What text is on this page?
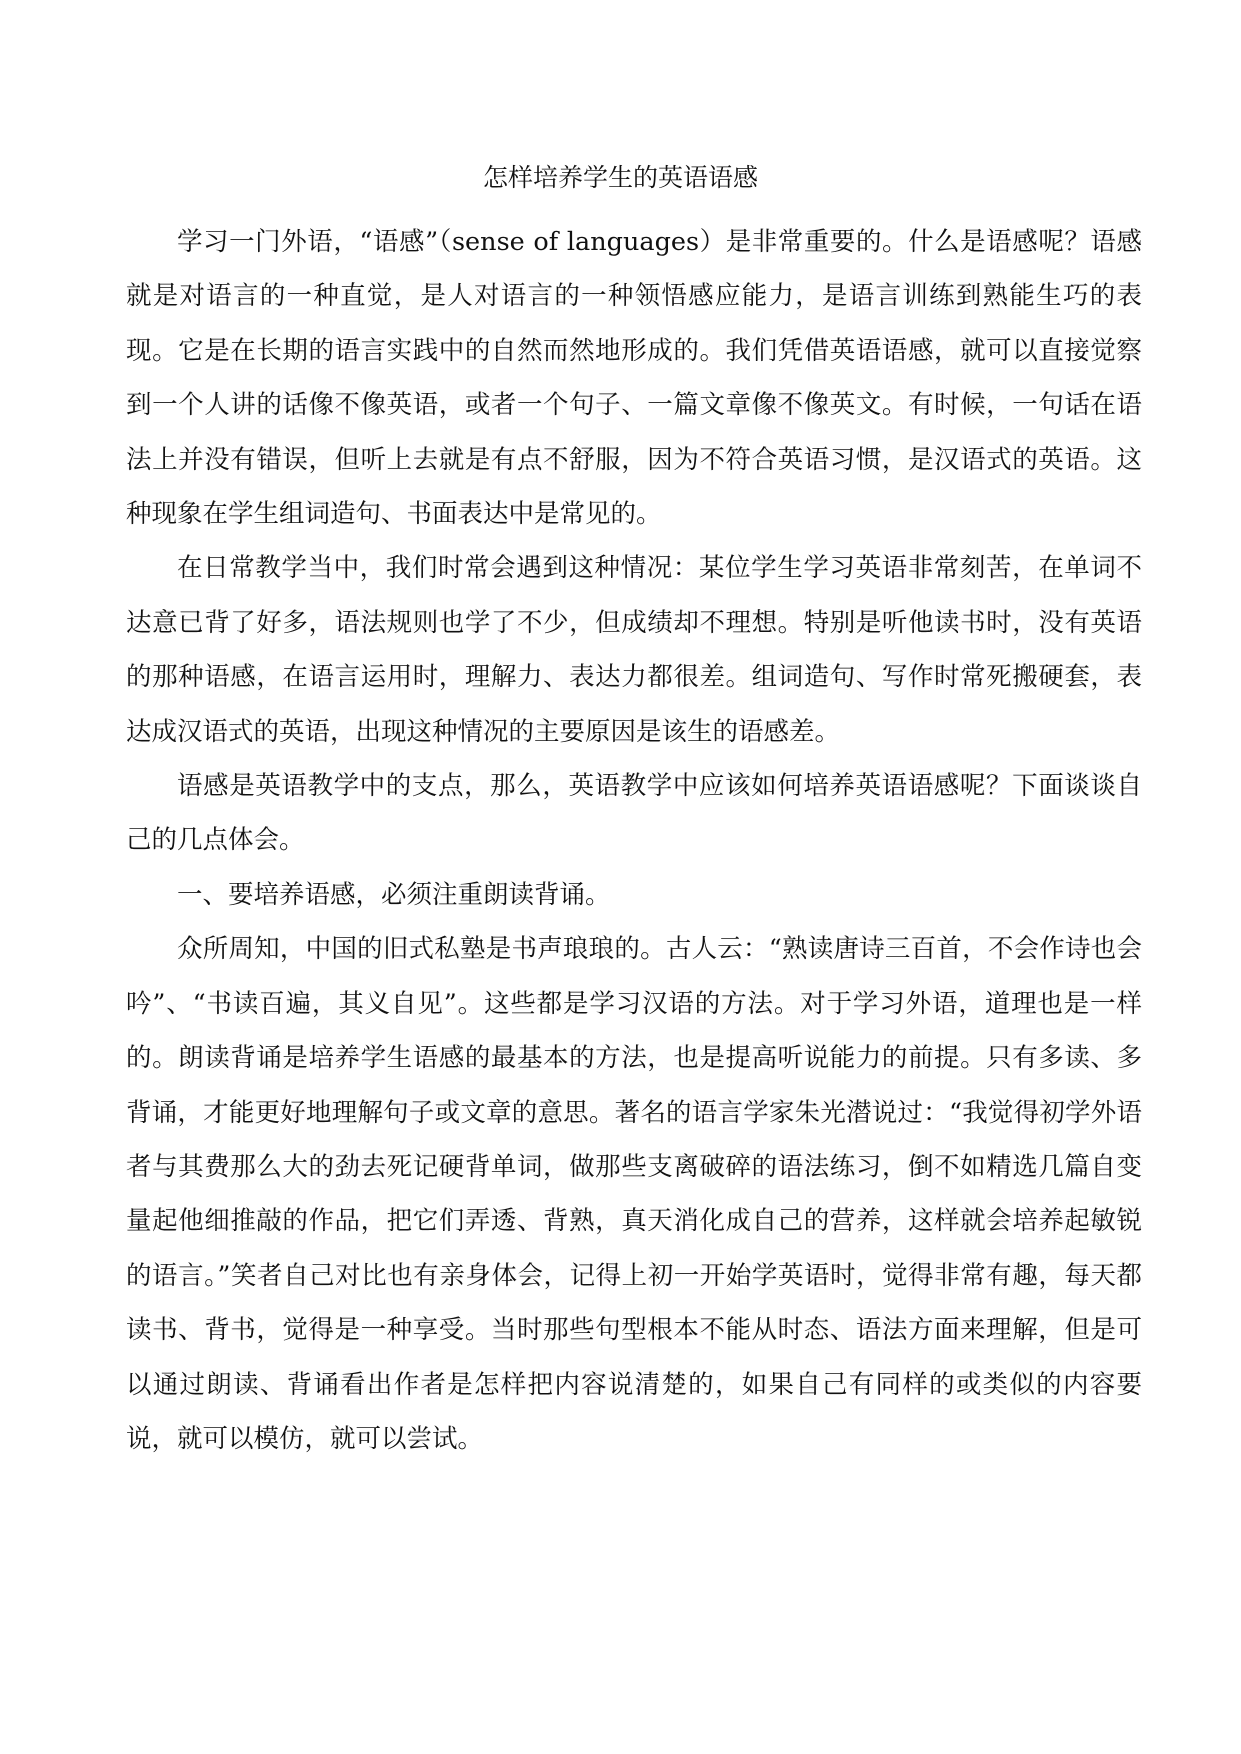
怎样培养学生的英语语感

学习一门外语，“语感”（sense of languages）是非常重要的。什么是语感呢？语感就是对语言的一种直觉，是人对语言的一种领悟感应能力，是语言训练到熟能生巧的表现。它是在长期的语言实践中的自然而然地形成的。我们凭借英语语感，就可以直接觉察到一个人讲的话像不像英语，或者一个句子、一篇文章像不像英文。有时候，一句话在语法上并没有错误，但听上去就是有点不舒服，因为不符合英语习惯，是汉语式的英语。这种现象在学生组词造句、书面表达中是常见的。

在日常教学当中，我们时常会遇到这种情况：某位学生学习英语非常刻苦，在单词不达意已背了好多，语法规则也学了不少，但成绩却不理想。特别是听他读书时，没有英语的那种语感，在语言运用时，理解力、表达力都很差。组词造句、写作时常死搬硬套，表达成汉语式的英语，出现这种情况的主要原因是该生的语感差。

语感是英语教学中的支点，那么，英语教学中应该如何培养英语语感呢？下面谈谈自己的几点体会。

一、要培养语感，必须注重朗读背诵。

众所周知，中国的旧式私塾是书声琅琅的。古人云：“熟读唐诗三百首，不会作诗也会吟”、“书读百遍，其义自见”。这些都是学习汉语的方法。对于学习外语，道理也是一样的。朗读背诵是培养学生语感的最基本的方法，也是提高听说能力的前提。只有多读、多背诵，才能更好地理解句子或文章的意思。著名的语言学家朱光潜说过：“我觉得初学外语者与其费那么大的劲去死记硬背单词，做那些支离破碎的语法练习，倒不如精选几篇自变量起他细推敲的作品，把它们弄透、背熟，真天消化成自己的营养，这样就会培养起敏锐的语言。”笑者自己对比也有亲身体会，记得上初一开始学英语时，觉得非常有趣，每天都读书、背书，觉得是一种享受。当时那些句型根本不能从时态、语法方面来理解，但是可以通过朗读、背诵看出作者是怎样把内容说清楚的，如果自己有同样的或类似的内容要说，就可以模仿，就可以尝试。
